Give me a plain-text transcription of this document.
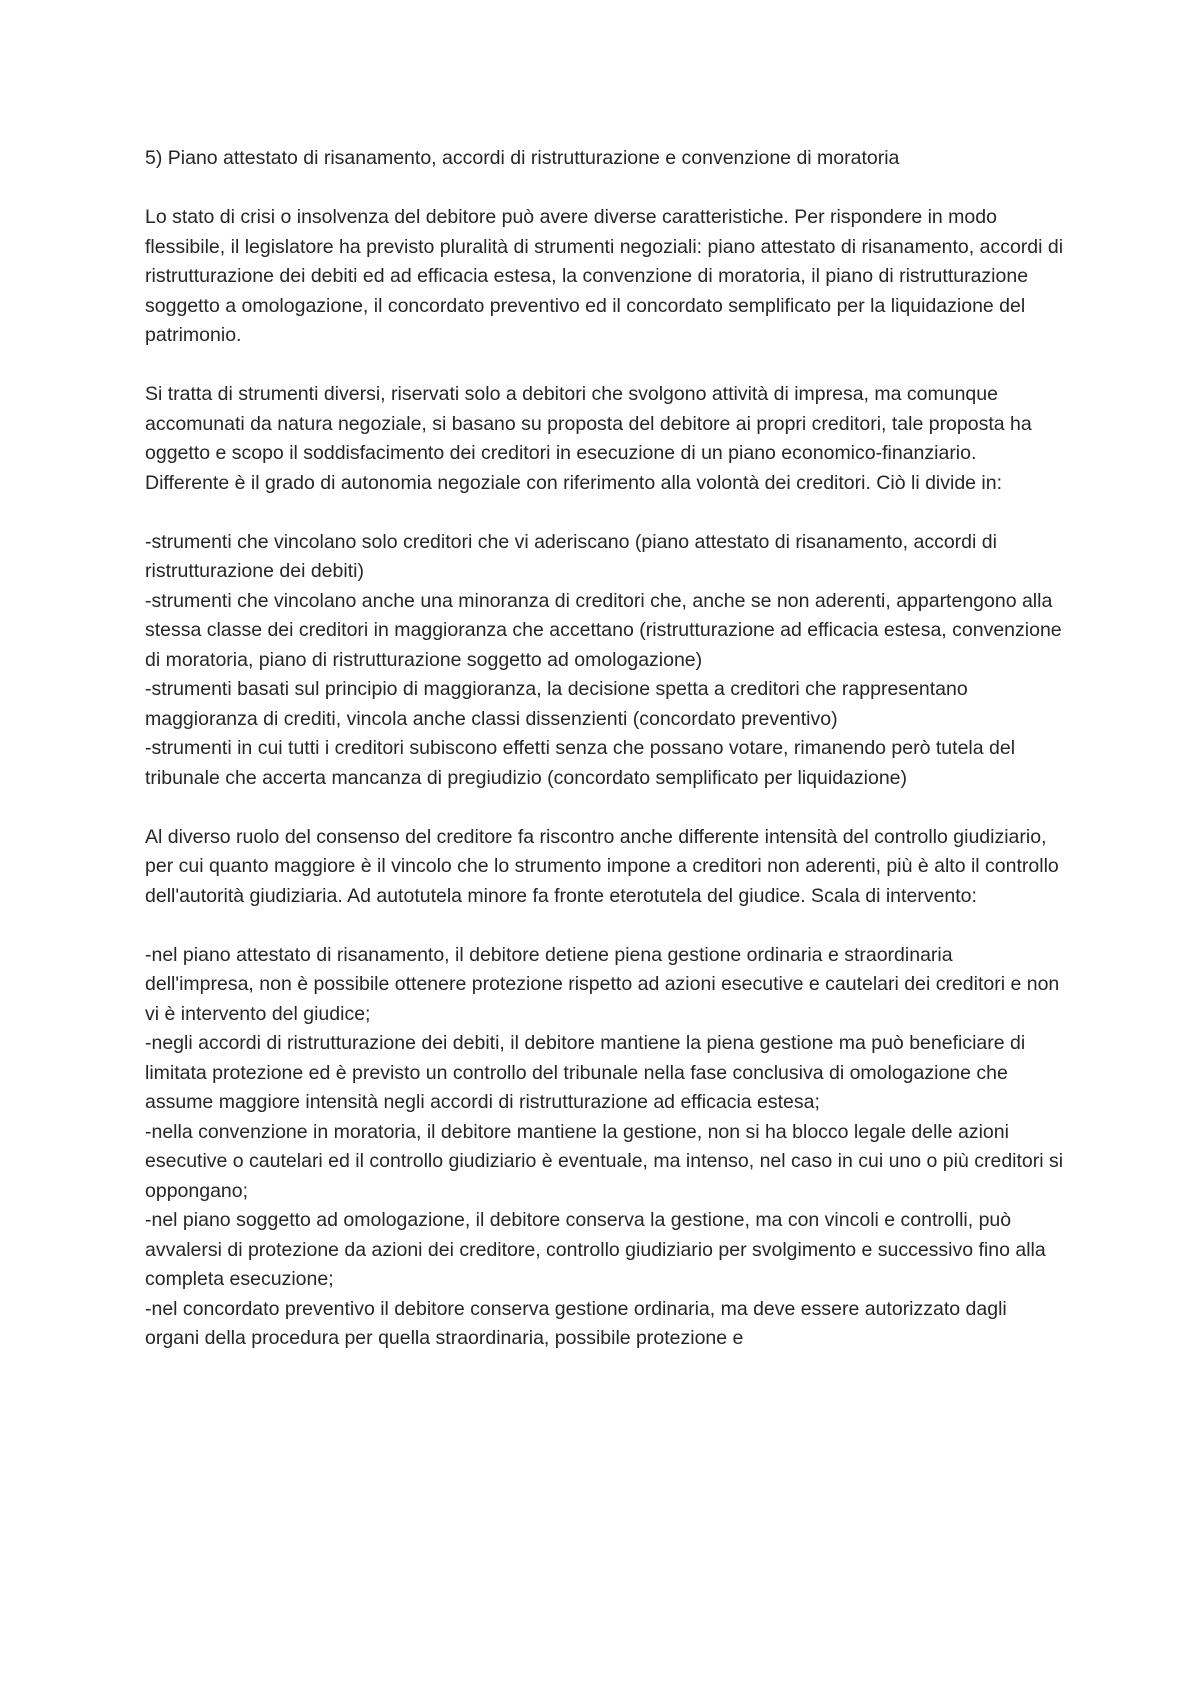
5) Piano attestato di risanamento, accordi di ristrutturazione e convenzione di moratoria

Lo stato di crisi o insolvenza del debitore può avere diverse caratteristiche. Per rispondere in modo flessibile, il legislatore ha previsto pluralità di strumenti negoziali: piano attestato di risanamento, accordi di ristrutturazione dei debiti ed ad efficacia estesa, la convenzione di moratoria, il piano di ristrutturazione soggetto a omologazione, il concordato preventivo ed il concordato semplificato per la liquidazione del patrimonio.

Si tratta di strumenti diversi, riservati solo a debitori che svolgono attività di impresa, ma comunque accomunati da natura negoziale, si basano su proposta del debitore ai propri creditori, tale proposta ha oggetto e scopo il soddisfacimento dei creditori in esecuzione di un piano economico-finanziario.

Differente è il grado di autonomia negoziale con riferimento alla volontà dei creditori. Ciò li divide in:

-strumenti che vincolano solo creditori che vi aderiscano (piano attestato di risanamento, accordi di ristrutturazione dei debiti)

-strumenti che vincolano anche una minoranza di creditori che, anche se non aderenti, appartengono alla stessa classe dei creditori in maggioranza che accettano (ristrutturazione ad efficacia estesa, convenzione di moratoria, piano di ristrutturazione soggetto ad omologazione)

-strumenti basati sul principio di maggioranza, la decisione spetta a creditori che rappresentano maggioranza di crediti, vincola anche classi dissenzienti (concordato preventivo)

-strumenti in cui tutti i creditori subiscono effetti senza che possano votare, rimanendo però tutela del tribunale che accerta mancanza di pregiudizio (concordato semplificato per liquidazione)

Al diverso ruolo del consenso del creditore fa riscontro anche differente intensità del controllo giudiziario, per cui quanto maggiore è il vincolo che lo strumento impone a creditori non aderenti, più è alto il controllo dell'autorità giudiziaria. Ad autotutela minore fa fronte eterotutela del giudice. Scala di intervento:

-nel piano attestato di risanamento, il debitore detiene piena gestione ordinaria e straordinaria dell'impresa, non è possibile ottenere protezione rispetto ad azioni esecutive e cautelari dei creditori e non vi è intervento del giudice;

-negli accordi di ristrutturazione dei debiti, il debitore mantiene la piena gestione ma può beneficiare di limitata protezione ed è previsto un controllo del tribunale nella fase conclusiva di omologazione che assume maggiore intensità negli accordi di ristrutturazione ad efficacia estesa;

-nella convenzione in moratoria, il debitore mantiene la gestione, non si ha blocco legale delle azioni esecutive o cautelari ed il controllo giudiziario è eventuale, ma intenso, nel caso in cui uno o più creditori si oppongano;

-nel piano soggetto ad omologazione, il debitore conserva la gestione, ma con vincoli e controlli, può avvalersi di protezione da azioni dei creditore, controllo giudiziario per svolgimento e successivo fino alla completa esecuzione;

-nel concordato preventivo il debitore conserva gestione ordinaria, ma deve essere autorizzato dagli organi della procedura per quella straordinaria, possibile protezione e
